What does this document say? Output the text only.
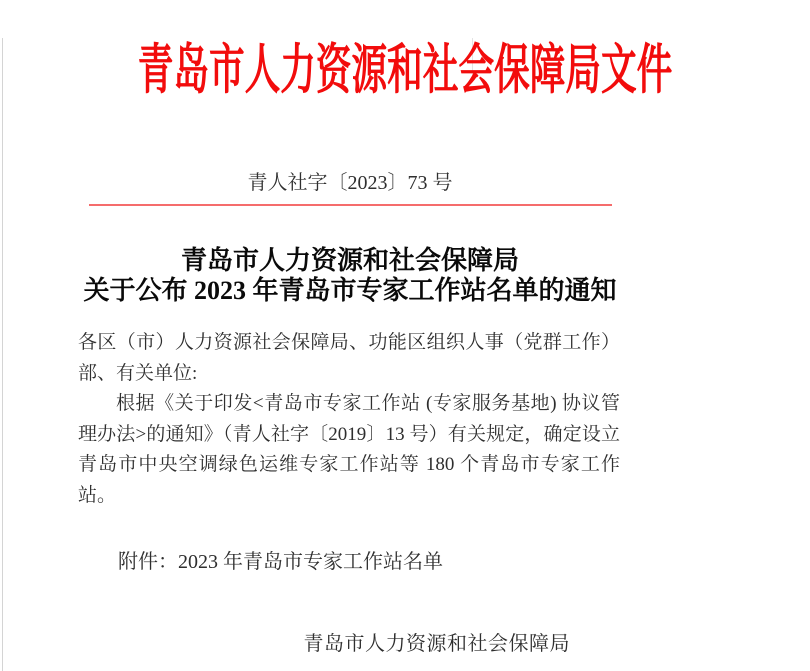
青岛市人力资源和社会保障局文件
青人社字〔2023〕73 号
青岛市人力资源和社会保障局
关于公布 2023 年青岛市专家工作站名单的通知

各区（市）人力资源社会保障局、功能区组织人事（党群工作）部、有关单位:

根据《关于印发<青岛市专家工作站 (专家服务基地) 协议管理办法>的通知》（青人社字〔2019〕13 号）有关规定，确定设立青岛市中央空调绿色运维专家工作站等 180 个青岛市专家工作站。

附件：2023 年青岛市专家工作站名单
青岛市人力资源和社会保障局
